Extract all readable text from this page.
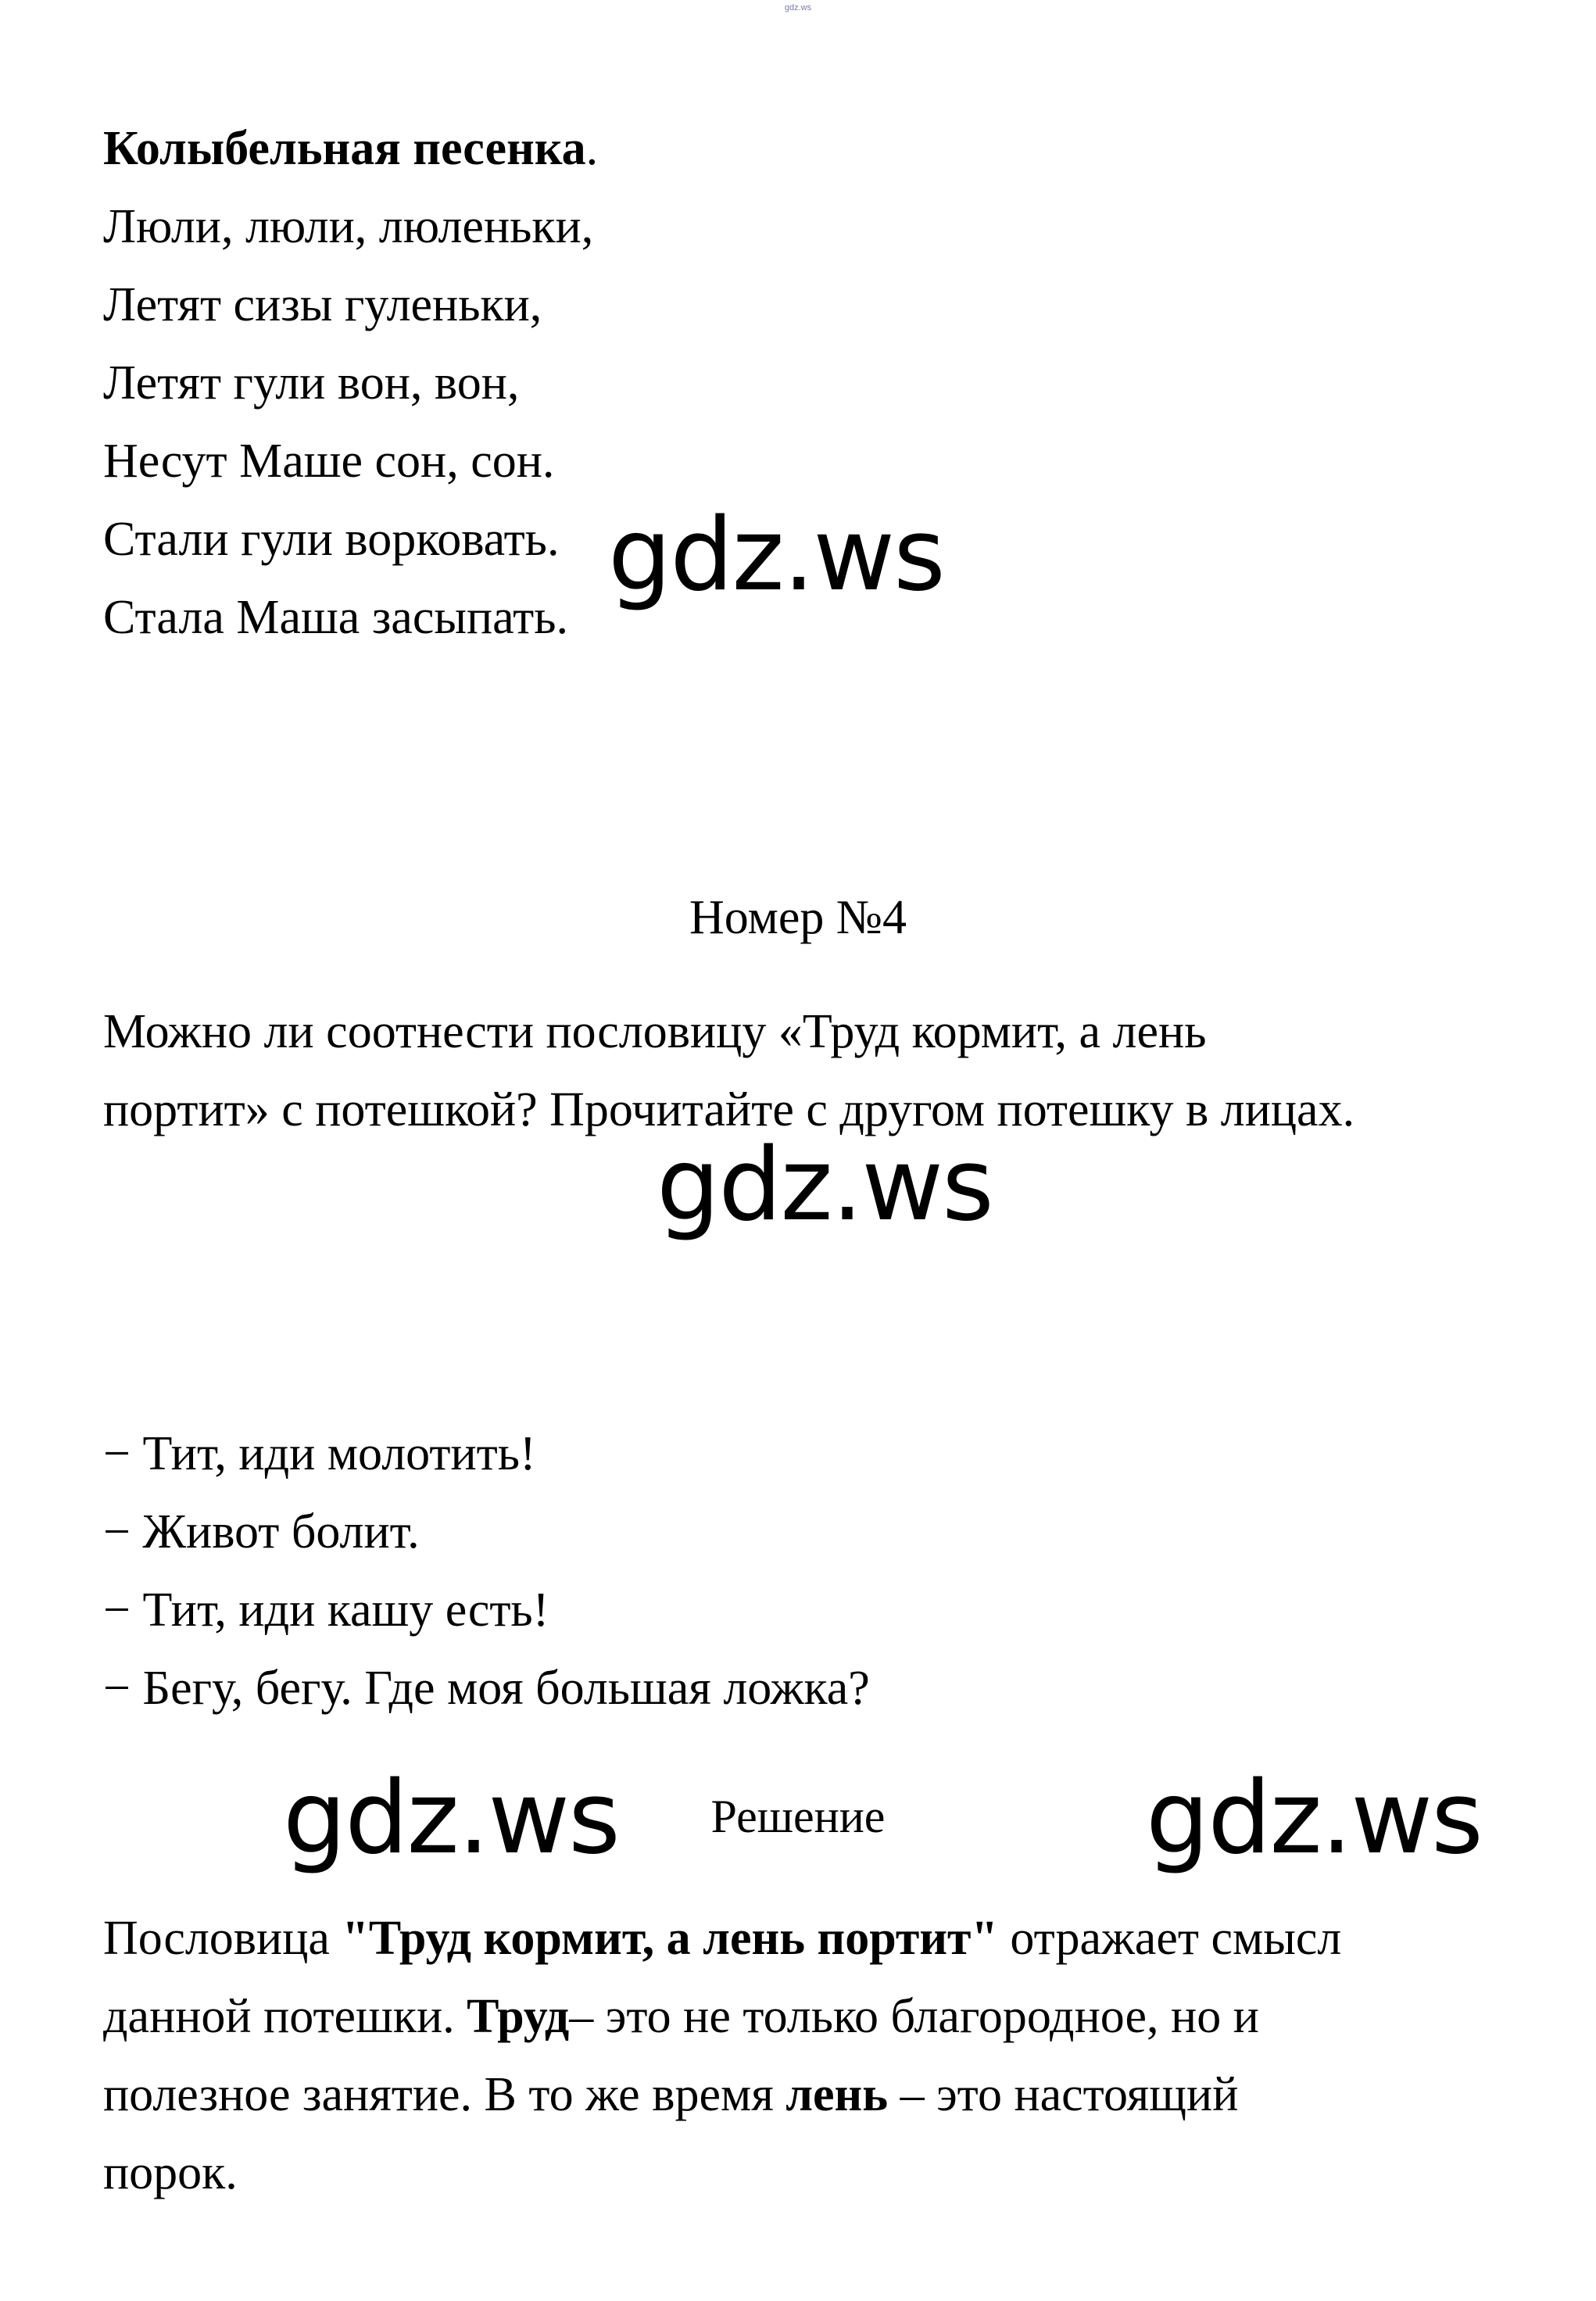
gdz.ws
Колыбельная песенка.
Люли, люли, люленьки,
Летят сизы гуленьки,
Летят гули вон, вон,
Несут Маше сон, сон.
Стали гули ворковать.
Стала Маша засыпать.
gdz.ws
Номер №4
Можно ли соотнести пословицу «Труд кормит, а лень
портит» с потешкой? Прочитайте с другом потешку в лицах.
gdz.ws
− Тит, иди молотить!
− Живот болит.
− Тит, иди кашу есть!
− Бегу, бегу. Где моя большая ложка?
gdz.ws	Решение	gdz.ws
Пословица "Труд кормит, а лень портит" отражает смысл
данной потешки. Труд– это не только благородное, но и
полезное занятие. В то же время лень – это настоящий
порок.
